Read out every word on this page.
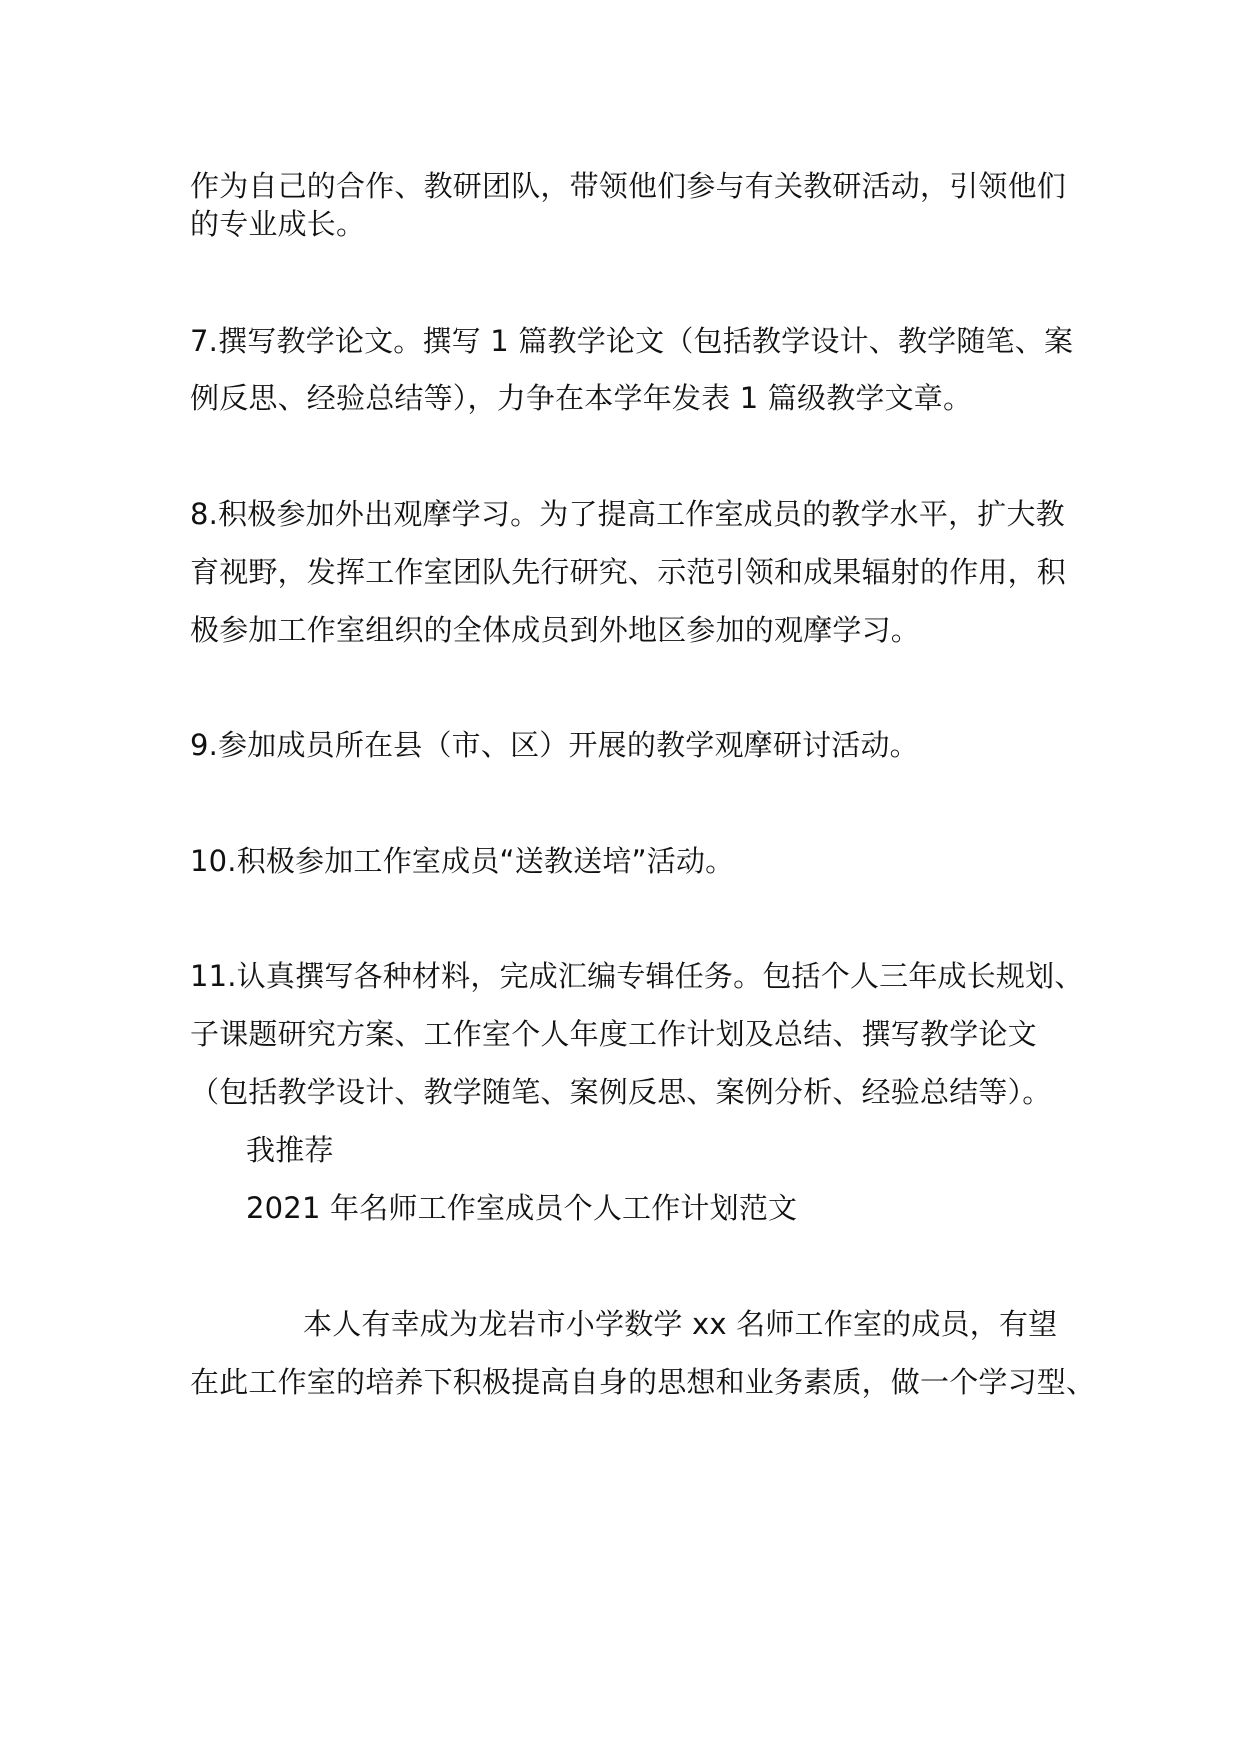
作为自己的合作、教研团队，带领他们参与有关教研活动，引领他们
的专业成长。
7.撰写教学论文。撰写 1 篇教学论文（包括教学设计、教学随笔、案
例反思、经验总结等），力争在本学年发表 1 篇级教学文章。
8.积极参加外出观摩学习。为了提高工作室成员的教学水平，扩大教
育视野，发挥工作室团队先行研究、示范引领和成果辐射的作用，积
极参加工作室组织的全体成员到外地区参加的观摩学习。
9.参加成员所在县（市、区）开展的教学观摩研讨活动。
10.积极参加工作室成员“送教送培”活动。
11.认真撰写各种材料，完成汇编专辑任务。包括个人三年成长规划、
子课题研究方案、工作室个人年度工作计划及总结、撰写教学论文
（包括教学设计、教学随笔、案例反思、案例分析、经验总结等）。
我推荐
2021 年名师工作室成员个人工作计划范文
本人有幸成为龙岩市小学数学 xx 名师工作室的成员，有望
在此工作室的培养下积极提高自身的思想和业务素质，做一个学习型、
